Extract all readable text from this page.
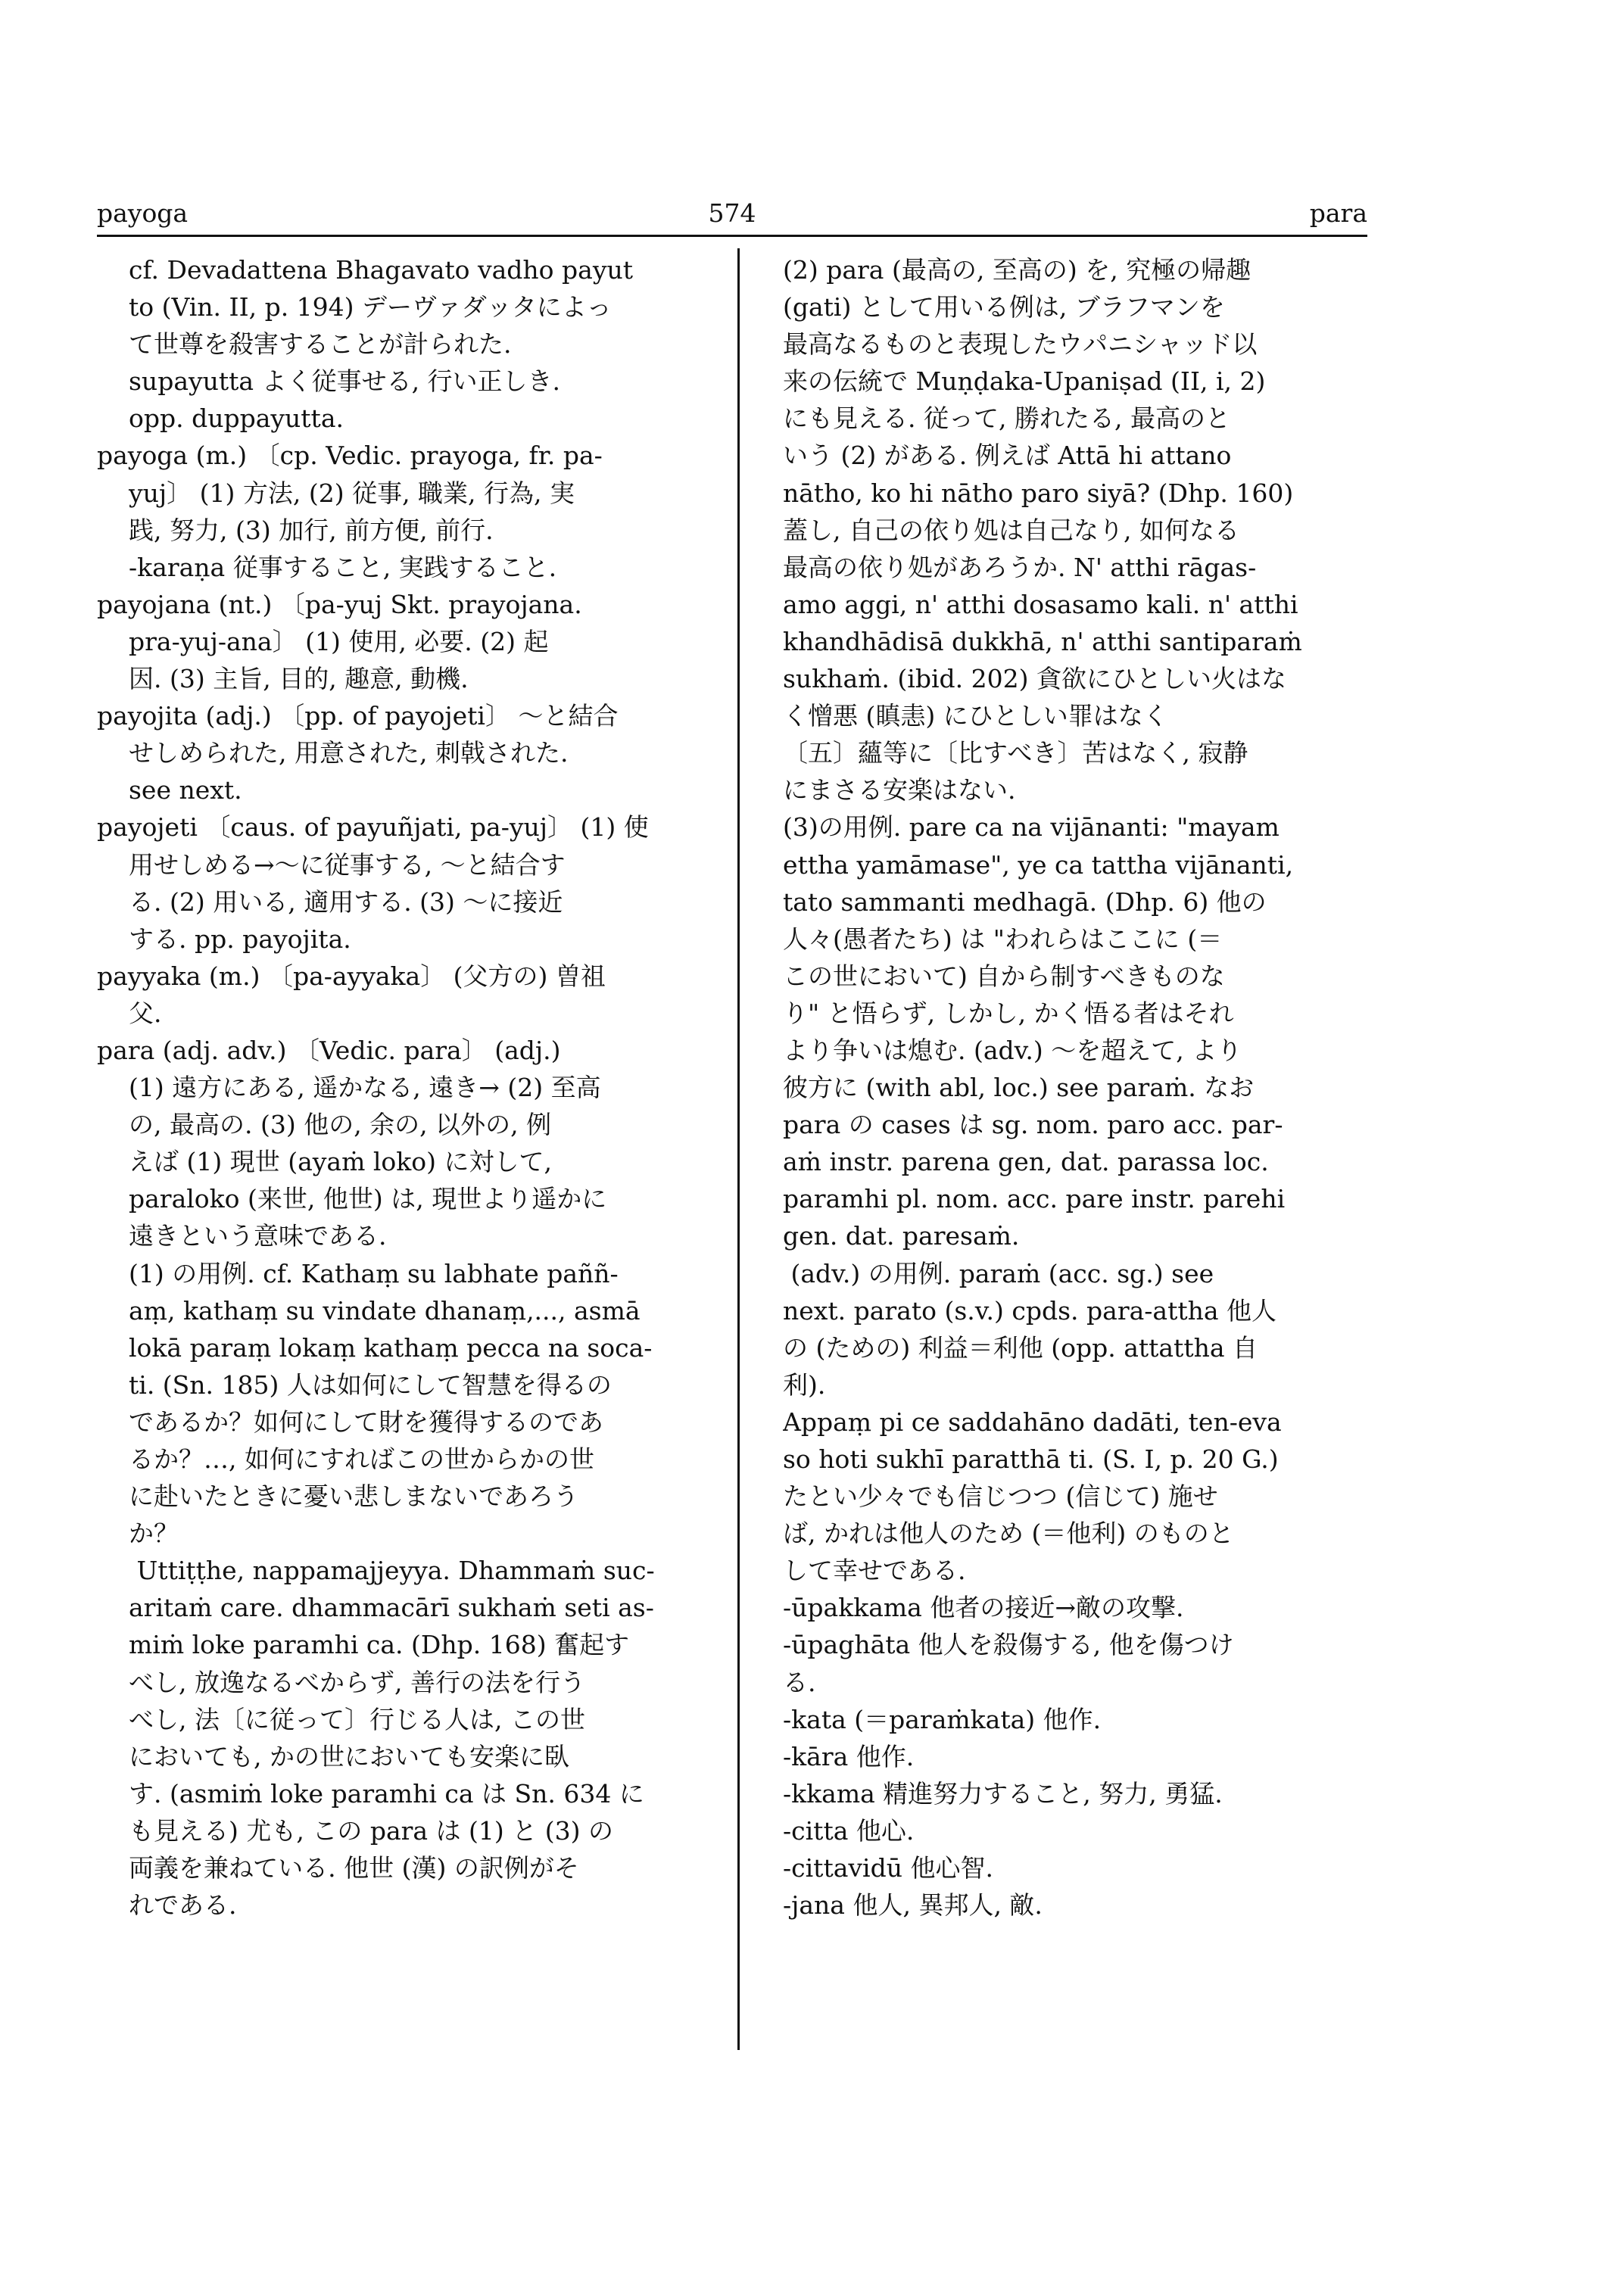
payoga	574	para
cf. Devadattena Bhagavato vadho payut
to (Vin. II, p. 194) デーヴァダッタによっ
て世尊を殺害することが計られた.
supayutta よく従事せる, 行い正しき.
opp. duppayutta.
payoga (m.) 〔cp. Vedic. prayoga, fr. pa-
yuj〕 (1) 方法, (2) 従事, 職業, 行為, 実
践, 努力, (3) 加行, 前方便, 前行.
-karaṇa 従事すること, 実践すること.
payojana (nt.) 〔pa-yuj Skt. prayojana.
pra-yuj-ana〕 (1) 使用, 必要. (2) 起
因. (3) 主旨, 目的, 趣意, 動機.
payojita (adj.) 〔pp. of payojeti〕 ～と結合
せしめられた, 用意された, 刺戟された.
see next.
payojeti 〔caus. of payuñjati, pa-yuj〕 (1) 使
用せしめる→～に従事する, ～と結合す
る. (2) 用いる, 適用する. (3) ～に接近
する. pp. payojita.
payyaka (m.) 〔pa-ayyaka〕 (父方の) 曽祖
父.
para (adj. adv.) 〔Vedic. para〕 (adj.)
(1) 遠方にある, 遥かなる, 遠き→ (2) 至高
の, 最高の. (3) 他の, 余の, 以外の, 例
えば (1) 現世 (ayaṁ loko) に対して,
paraloko (来世, 他世) は, 現世より遥かに
遠きという意味である.
(1) の用例. cf. Kathaṃ su labhate paññ-
aṃ, kathaṃ su vindate dhanaṃ,..., asmā
lokā paraṃ lokaṃ kathaṃ pecca na soca-
ti. (Sn. 185) 人は如何にして智慧を得るの
であるか？如何にして財を獲得するのであ
るか？…, 如何にすればこの世からかの世
に赴いたときに憂い悲しまないであろう
か？
Uttiṭṭhe, nappamajjeyya. Dhammaṁ suc-
aritaṁ care. dhammacārī sukhaṁ seti as-
miṁ loke paramhi ca. (Dhp. 168) 奮起す
べし, 放逸なるべからず, 善行の法を行う
べし, 法〔に従って〕行じる人は, この世
においても, かの世においても安楽に臥
す. (asmiṁ loke paramhi ca は Sn. 634 に
も見える) 尤も, この para は (1) と (3) の
両義を兼ねている. 他世 (漢) の訳例がそ
れである.
(2) para (最高の, 至高の) を, 究極の帰趣
(gati) として用いる例は, ブラフマンを
最高なるものと表現したウパニシャッド以
来の伝統で Muṇḍaka-Upaniṣad (II, i, 2)
にも見える. 従って, 勝れたる, 最高のと
いう (2) がある. 例えば Attā hi attano
nātho, ko hi nātho paro siyā? (Dhp. 160)
蓋し, 自己の依り処は自己なり, 如何なる
最高の依り処があろうか. N' atthi rāgas-
amo aggi, n' atthi dosasamo kali. n' atthi
khandhādisā dukkhā, n' atthi santiparaṁ
sukhaṁ. (ibid. 202) 貪欲にひとしい火はな
く憎悪 (瞋恚) にひとしい罪はなく
〔五〕蘊等に〔比すべき〕苦はなく, 寂静
にまさる安楽はない.
(3)の用例. pare ca na vijānanti: "mayam
ettha yamāmase", ye ca tattha vijānanti,
tato sammanti medhagā. (Dhp. 6) 他の
人々(愚者たち) は "われらはここに (＝
この世において) 自から制すべきものな
り" と悟らず, しかし, かく悟る者はそれ
より争いは熄む. (adv.) ～を超えて, より
彼方に (with abl, loc.) see paraṁ. なお
para の cases は sg. nom. paro acc. par-
aṁ instr. parena gen, dat. parassa loc.
paramhi pl. nom. acc. pare instr. parehi
gen. dat. paresaṁ.
(adv.) の用例. paraṁ (acc. sg.) see
next. parato (s.v.) cpds. para-attha 他人
の (ための) 利益＝利他 (opp. attattha 自
利).
Appaṃ pi ce saddahāno dadāti, ten-eva
so hoti sukhī paratthā ti. (S. I, p. 20 G.)
たとい少々でも信じつつ (信じて) 施せ
ば, かれは他人のため (＝他利) のものと
して幸せである.
-ūpakkama 他者の接近→敵の攻撃.
-ūpaghāta 他人を殺傷する, 他を傷つけ
る.
-kata (＝paraṁkata) 他作.
-kāra 他作.
-kkama 精進努力すること, 努力, 勇猛.
-citta 他心.
-cittavidū 他心智.
-jana 他人, 異邦人, 敵.
